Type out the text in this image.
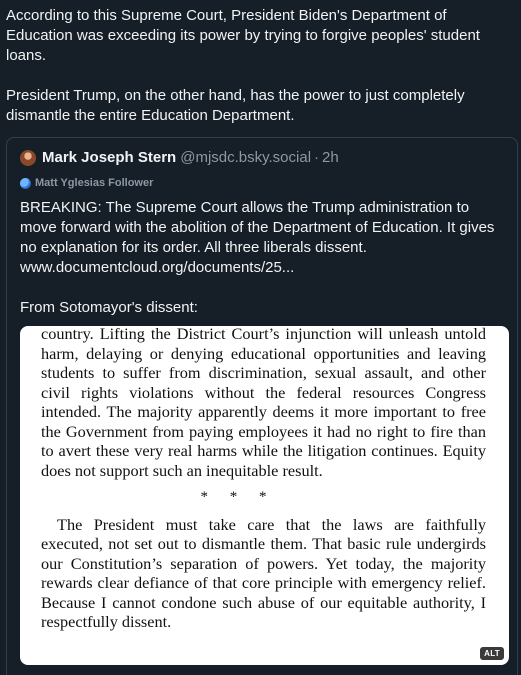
According to this Supreme Court, President Biden's Department of Education was exceeding its power by trying to forgive peoples' student loans.

President Trump, on the other hand, has the power to just completely dismantle the entire Education Department.

Mark Joseph Stern @mjsdc.bsky.social · 2h
Matt Yglesias Follower

BREAKING: The Supreme Court allows the Trump administration to move forward with the abolition of the Department of Education. It gives no explanation for its order. All three liberals dissent. www.documentcloud.org/documents/25...

From Sotomayor's dissent:

country. Lifting the District Court’s injunction will unleash untold harm, delaying or denying educational opportunities and leaving students to suffer from discrimination, sexual assault, and other civil rights violations without the federal resources Congress intended. The majority apparently deems it more important to free the Government from paying employees it had no right to fire than to avert these very real harms while the litigation continues. Equity does not support such an inequitable result.

* * *

The President must take care that the laws are faithfully executed, not set out to dismantle them. That basic rule undergirds our Constitution’s separation of powers. Yet today, the majority rewards clear defiance of that core principle with emergency relief. Because I cannot condone such abuse of our equitable authority, I respectfully dissent.

ALT
